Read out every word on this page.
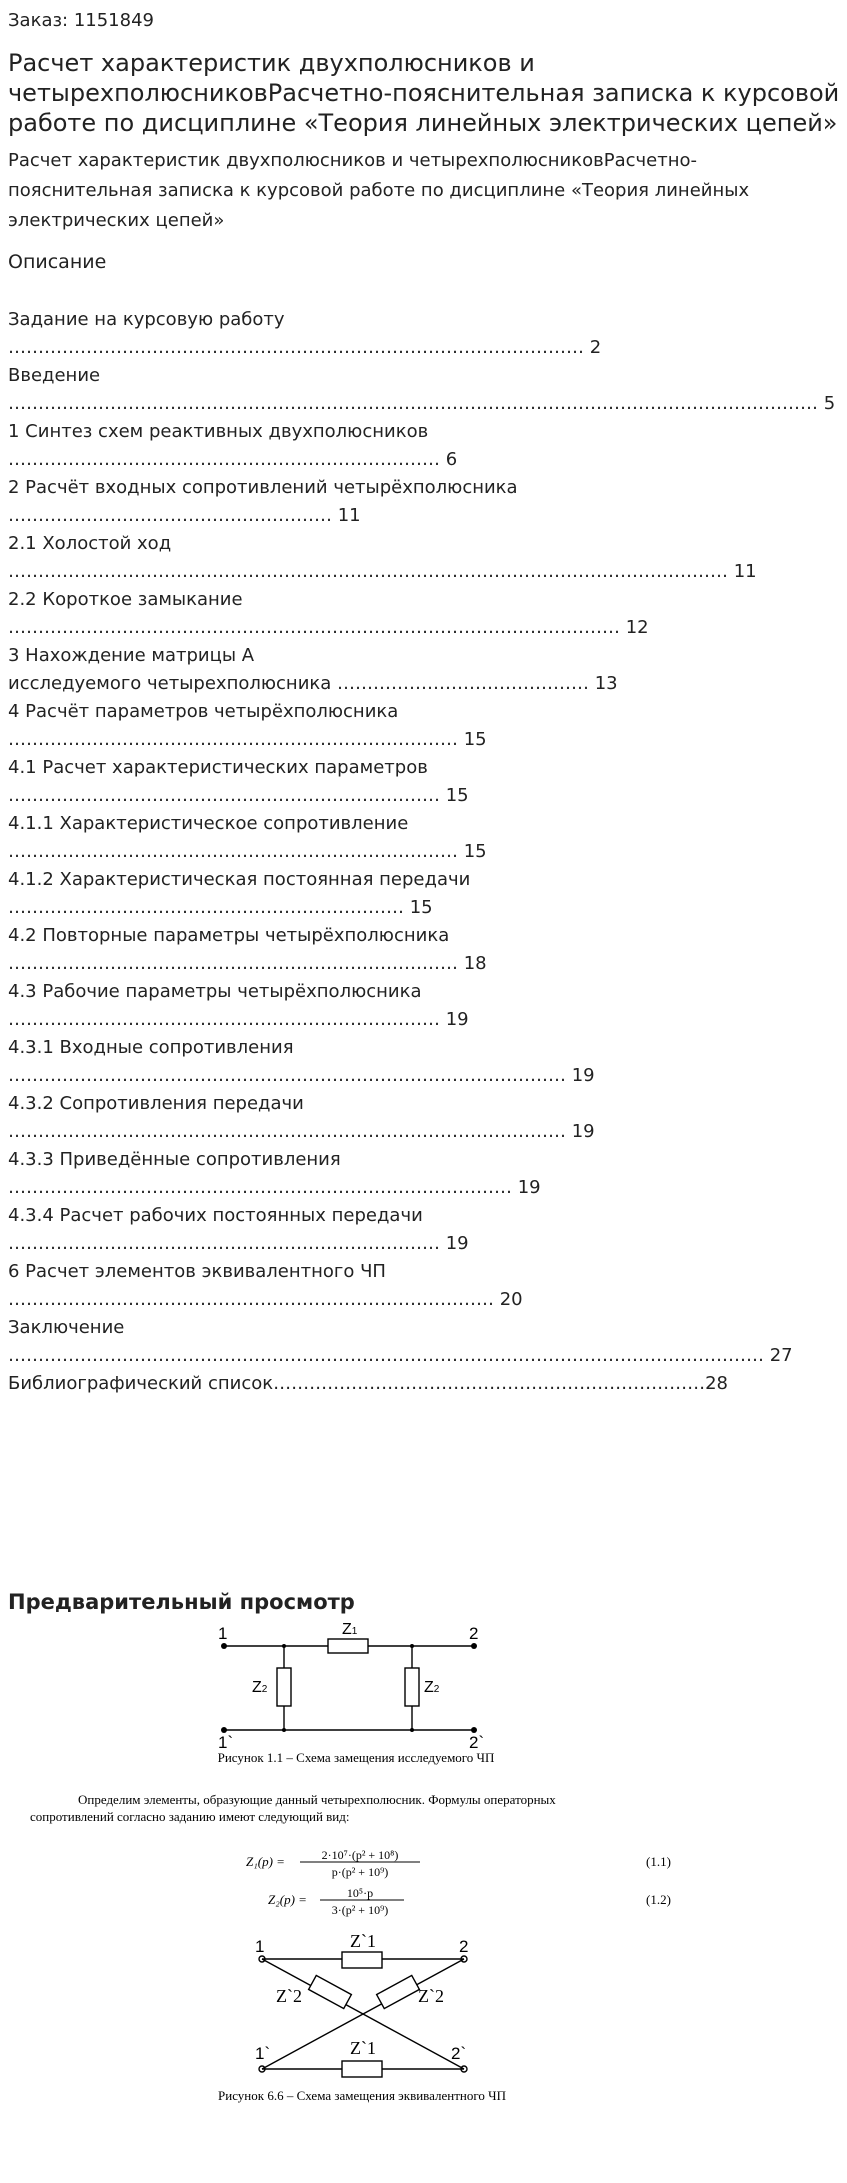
Заказ: 1151849
Расчет характеристик двухполюсников и
четырехполюсниковРасчетно-пояснительная записка к курсовой
работе по дисциплине «Теория линейных электрических цепей»
Расчет характеристик двухполюсников и четырехполюсниковРасчетно-
пояснительная записка к курсовой работе по дисциплине «Теория линейных
электрических цепей»
Описание
Задание на курсовую работу
…………………………………………………………………………………… 2
Введение
……………………………………………………………………………………………………………………… 5
1 Синтез схем реактивных двухполюсников
……………………………………………………………… 6
2 Расчёт входных сопротивлений четырёхполюсника
……………………………………………… 11
2.1 Холостой ход
………………………………………………………………………………………………………… 11
2.2 Короткое замыкание
………………………………………………………………………………………… 12
3 Нахождение матрицы А
исследуемого четырехполюсника …………………………………… 13
4 Расчёт параметров четырёхполюсника
………………………………………………………………… 15
4.1 Расчет характеристических параметров
……………………………………………………………… 15
4.1.1 Характеристическое сопротивление
………………………………………………………………… 15
4.1.2 Характеристическая постоянная передачи
………………………………………………………… 15
4.2 Повторные параметры четырёхполюсника
………………………………………………………………… 18
4.3 Рабочие параметры четырёхполюсника
……………………………………………………………… 19
4.3.1 Входные сопротивления
………………………………………………………………………………… 19
4.3.2 Сопротивления передачи
………………………………………………………………………………… 19
4.3.3 Приведённые сопротивления
………………………………………………………………………… 19
4.3.4 Расчет рабочих постоянных передачи
……………………………………………………………… 19
6 Расчет элементов эквивалентного ЧП
……………………………………………………………………… 20
Заключение
……………………………………………………………………………………………………………… 27
Библиографический список………………………………………………………………28
Предварительный просмотр
1	2
1`	2`
Z1
Z2	Z2
Рисунок 1.1 – Схема замещения исследуемого ЧП
Определим элементы, образующие данный четырехполюсник. Формулы операторных
сопротивлений согласно заданию имеют следующий вид:
Z₁(p) =	2·10⁷·(p² + 10⁸)
p·(p² + 10⁹)
(1.1)
Z₂(p) =	10⁵·p
3·(p² + 10⁹)
(1.2)
1	2
1`	2`
Z`1
Z`1
Z`2	Z`2
Рисунок 6.6 – Схема замещения эквивалентного ЧП
